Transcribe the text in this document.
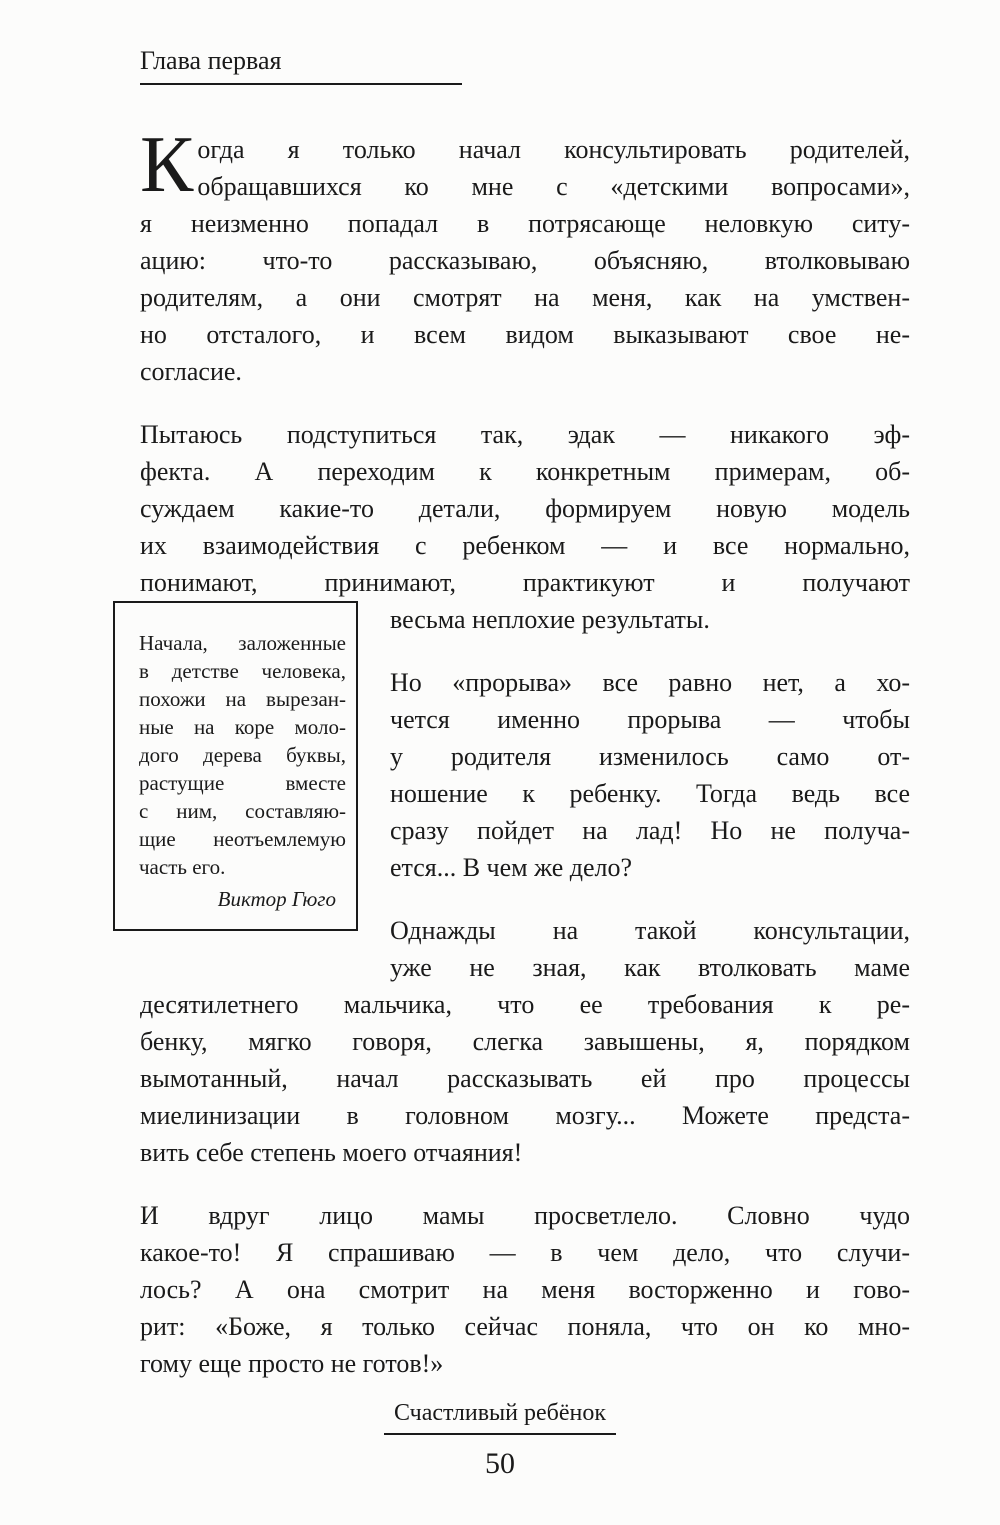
Глава первая
К огда я только начал консультировать родителей,
обращавшихся ко мне с «детскими вопросами»,
я неизменно попадал в потрясающе неловкую ситу-
ацию: что-то рассказываю, объясняю, втолковываю
родителям, а они смотрят на меня, как на умствен-
но отсталого, и всем видом выказывают свое не-
согласие.
Пытаюсь подступиться так, эдак — никакого эф-
фекта. А переходим к конкретным примерам, об-
суждаем какие-то детали, формируем новую модель
их взаимодействия с ребенком — и все нормально,
понимают, принимают, практикуют и получают
Начала, заложенные
в детстве человека,
похожи на вырезан-
ные на коре моло-
дого дерева буквы,
растущие вместе
с ним, составляю-
щие неотъемлемую
часть его.
Виктор Гюго
весьма неплохие результаты.
Но «прорыва» все равно нет, а хо-
чется именно прорыва — чтобы
у родителя изменилось само от-
ношение к ребенку. Тогда ведь все
сразу пойдет на лад! Но не получа-
ется... В чем же дело?
Однажды на такой консультации,
уже не зная, как втолковать маме
десятилетнего мальчика, что ее требования к ре-
бенку, мягко говоря, слегка завышены, я, порядком
вымотанный, начал рассказывать ей про процессы
миелинизации в головном мозгу... Можете предста-
вить себе степень моего отчаяния!
И вдруг лицо мамы просветлело. Словно чудо
какое-то! Я спрашиваю — в чем дело, что случи-
лось? А она смотрит на меня восторженно и гово-
рит: «Боже, я только сейчас поняла, что он ко мно-
гому еще просто не готов!»
Счастливый ребёнок
50
